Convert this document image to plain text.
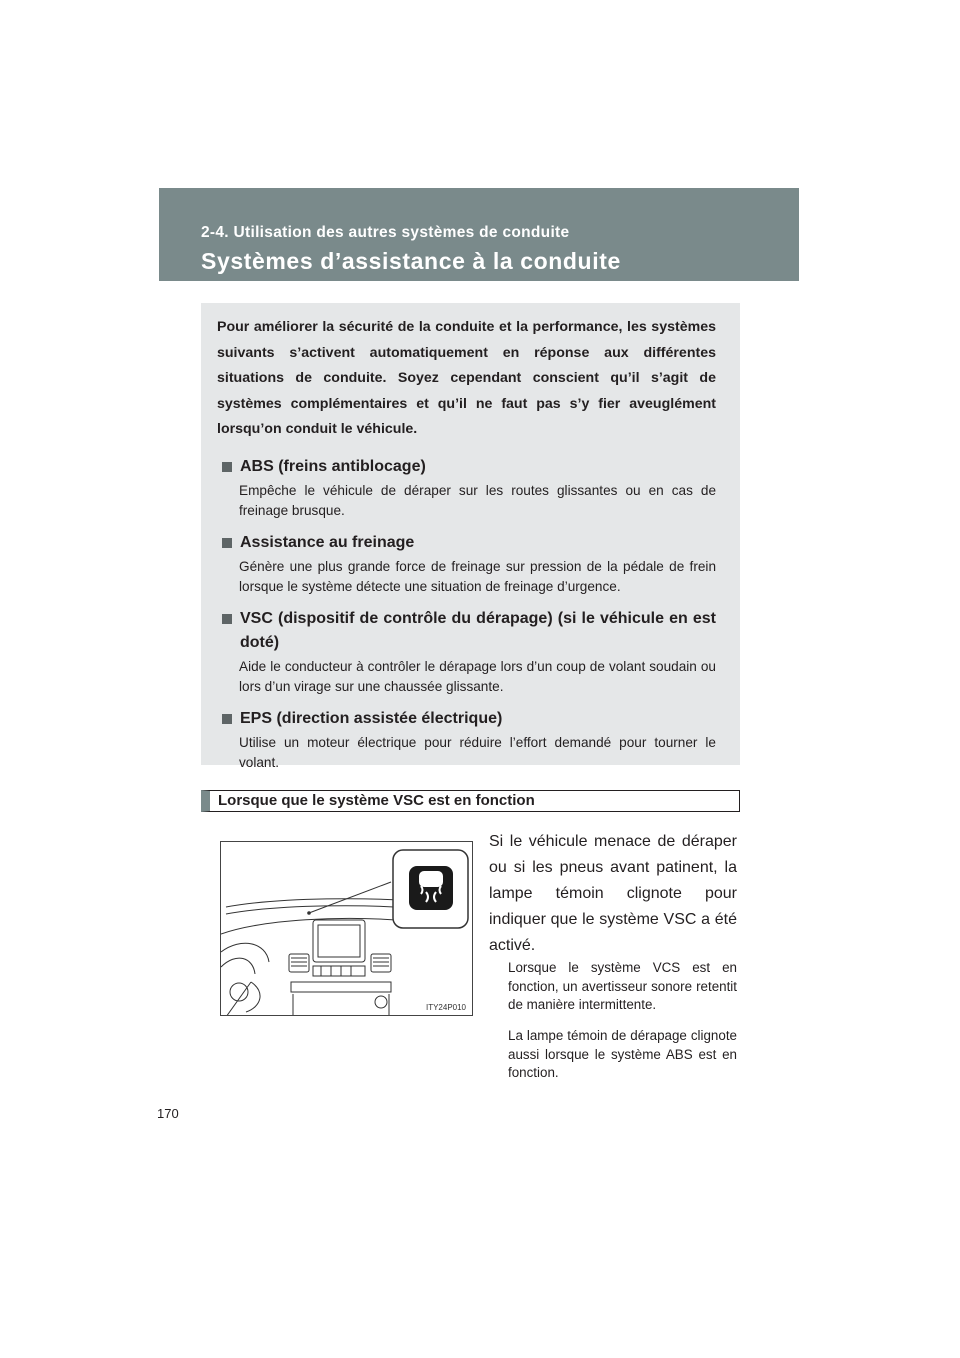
2-4. Utilisation des autres systèmes de conduite
Systèmes d’assistance à la conduite

Pour améliorer la sécurité de la conduite et la performance, les systèmes suivants s’activent automatiquement en réponse aux différentes situations de conduite. Soyez cependant conscient qu’il s’agit de systèmes complémentaires et qu’il ne faut pas s’y fier aveuglément lorsqu’on conduit le véhicule.

ABS (freins antiblocage)
Empêche le véhicule de déraper sur les routes glissantes ou en cas de freinage brusque.
Assistance au freinage
Génère une plus grande force de freinage sur pression de la pédale de frein lorsque le système détecte une situation de freinage d’urgence.
VSC (dispositif de contrôle du dérapage) (si le véhicule en est doté)
Aide le conducteur à contrôler le dérapage lors d’un coup de volant soudain ou lors d’un virage sur une chaussée glissante.
EPS (direction assistée électrique)
Utilise un moteur électrique pour réduire l’effort demandé pour tourner le volant.
Lorsque que le système VSC est en fonction
ITY24P010

Si le véhicule menace de déraper ou si les pneus avant patinent, la lampe témoin clignote pour indiquer que le système VSC a été activé.

Lorsque le système VCS est en fonction, un avertisseur sonore retentit de manière intermittente.

La lampe témoin de dérapage clignote aussi lorsque le système ABS est en fonction.

170
